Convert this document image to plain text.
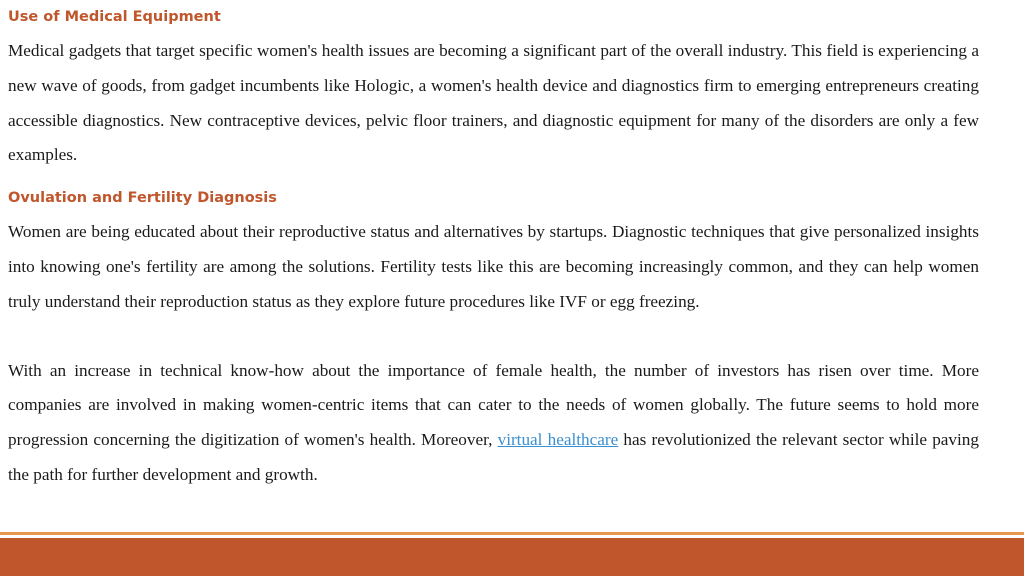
Use of Medical Equipment

Medical gadgets that target specific women's health issues are becoming a significant part of the overall industry. This field is experiencing a new wave of goods, from gadget incumbents like Hologic, a women's health device and diagnostics firm to emerging entrepreneurs creating accessible diagnostics. New contraceptive devices, pelvic floor trainers, and diagnostic equipment for many of the disorders are only a few examples.

Ovulation and Fertility Diagnosis

Women are being educated about their reproductive status and alternatives by startups. Diagnostic techniques that give personalized insights into knowing one's fertility are among the solutions. Fertility tests like this are becoming increasingly common, and they can help women truly understand their reproduction status as they explore future procedures like IVF or egg freezing.

With an increase in technical know-how about the importance of female health, the number of investors has risen over time. More companies are involved in making women-centric items that can cater to the needs of women globally. The future seems to hold more progression concerning the digitization of women's health. Moreover, virtual healthcare has revolutionized the relevant sector while paving the path for further development and growth.
